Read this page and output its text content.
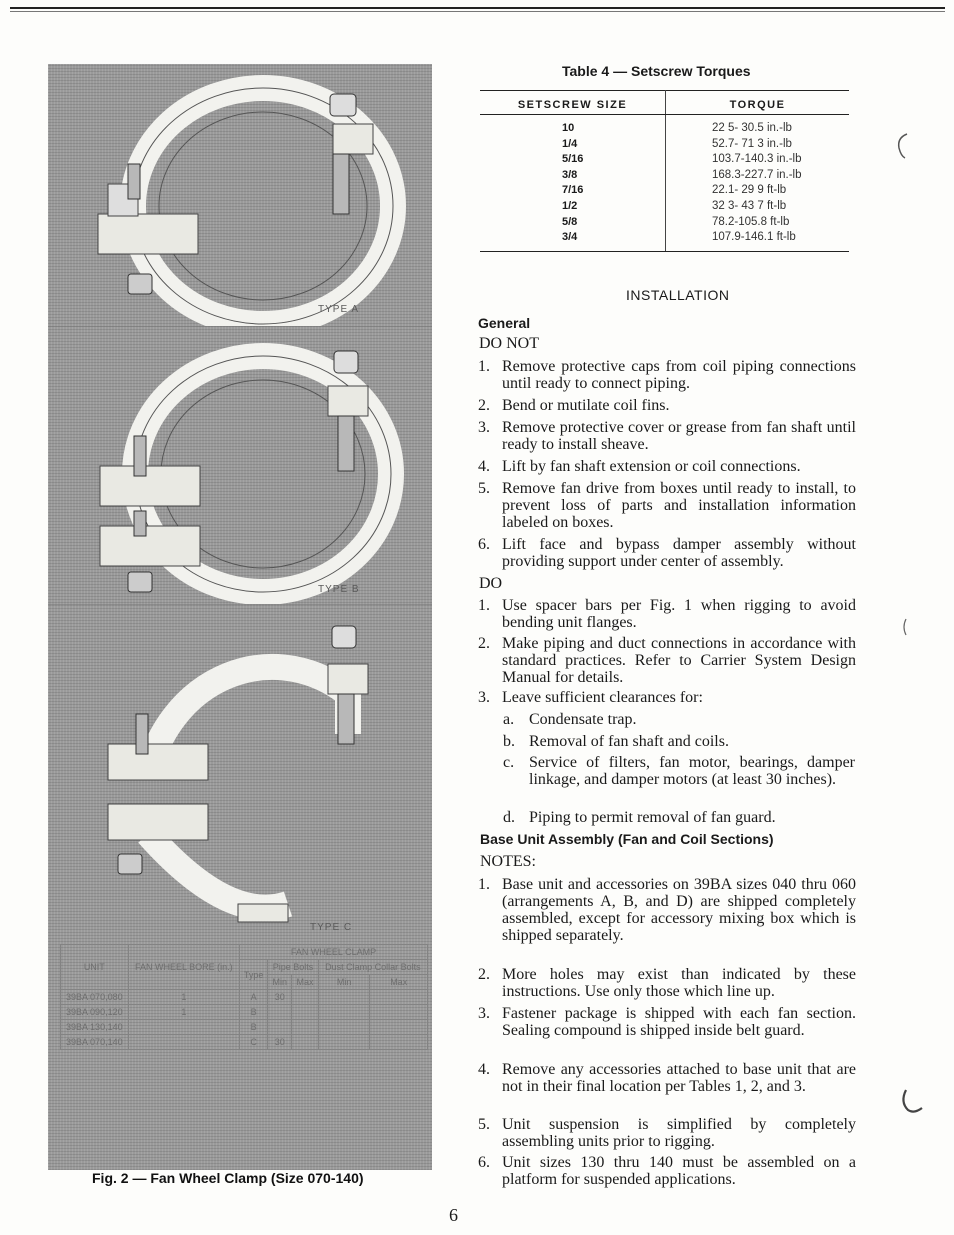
TYPE A
TYPE B
TYPE C
UNIT	FAN WHEEL BORE (in.)	FAN WHEEL CLAMP				
		Type	Pipe Bolts		Dust Clamp Collar Bolts	
			Min	Max	Min	Max
39BA 070,080	1	A	30			
39BA 090,120	1	B				
39BA 130,140		B				
39BA 070,140		C	30			
Fig. 2 — Fan Wheel Clamp (Size 070-140)
Table 4 — Setscrew Torques
SETSCREW SIZE	TORQUE
10	22 5- 30.5 in.-lb
1/4	52.7- 71 3 in.-lb
5/16	103.7-140.3 in.-lb
3/8	168.3-227.7 in.-lb
7/16	22.1- 29 9 ft-lb
1/2	32 3- 43 7 ft-lb
5/8	78.2-105.8 ft-lb
3/4	107.9-146.1 ft-lb
INSTALLATION
General
DO NOT
1. Remove protective caps from coil piping connections until ready to connect piping.
2. Bend or mutilate coil fins.
3. Remove protective cover or grease from fan shaft until ready to install sheave.
4. Lift by fan shaft extension or coil connections.
5. Remove fan drive from boxes until ready to install, to prevent loss of parts and installation information labeled on boxes.
6. Lift face and bypass damper assembly without providing support under center of assembly.
DO
1. Use spacer bars per Fig. 1 when rigging to avoid bending unit flanges.
2. Make piping and duct connections in accordance with standard practices. Refer to Carrier System Design Manual for details.
3. Leave sufficient clearances for:
a. Condensate trap.
b. Removal of fan shaft and coils.
c. Service of filters, fan motor, bearings, damper linkage, and damper motors (at least 30 inches).
d. Piping to permit removal of fan guard.
Base Unit Assembly (Fan and Coil Sections)
NOTES:
1. Base unit and accessories on 39BA sizes 040 thru 060 (arrangements A, B, and D) are shipped completely assembled, except for accessory mixing box which is shipped separately.
2. More holes may exist than indicated by these instructions. Use only those which line up.
3. Fastener package is shipped with each fan section. Sealing compound is shipped inside belt guard.
4. Remove any accessories attached to base unit that are not in their final location per Tables 1, 2, and 3.
5. Unit suspension is simplified by completely assembling units prior to rigging.
6. Unit sizes 130 thru 140 must be assembled on a platform for suspended applications.
6
